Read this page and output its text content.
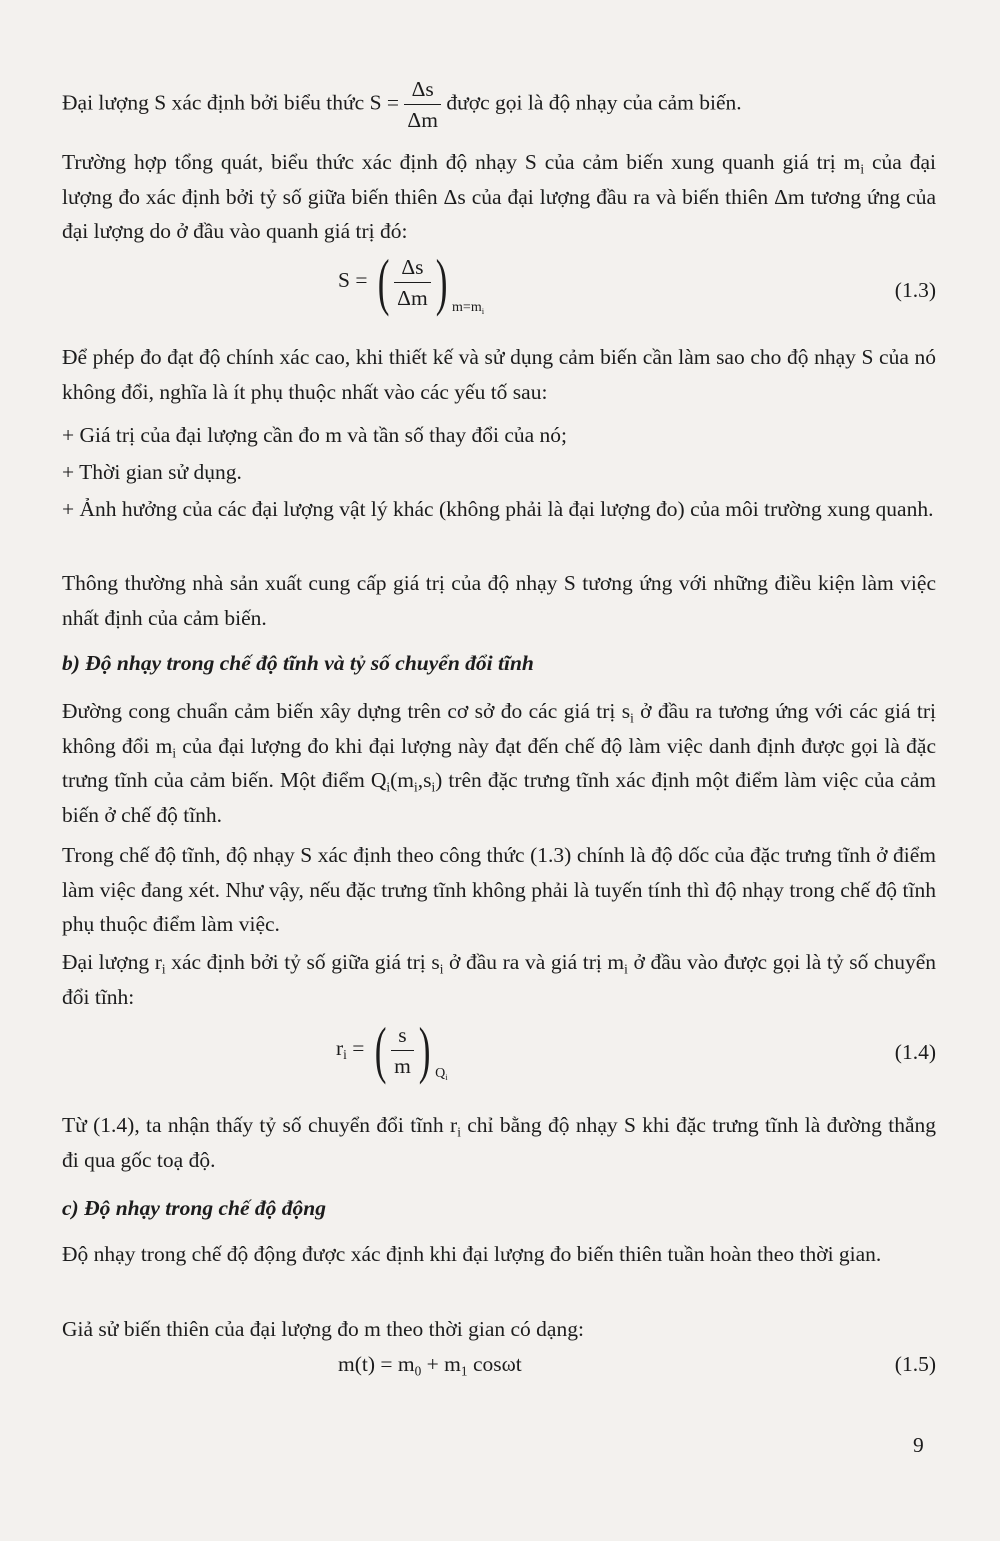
Đại lượng S xác định bởi biểu thức $S = \frac{\Delta s}{\Delta m}$ được gọi là độ nhạy của cảm biến.

Trường hợp tổng quát, biểu thức xác định độ nhạy S của cảm biến xung quanh giá trị $m_i$ của đại lượng đo xác định bởi tỷ số giữa biến thiên Δs của đại lượng đầu ra và biến thiên Δm tương ứng của đại lượng do ở đầu vào quanh giá trị đó:

S = ( $\frac{\Delta s}{\Delta m}$ ) $_{m=m_i}$
(1.3)

Để phép đo đạt độ chính xác cao, khi thiết kế và sử dụng cảm biến cần làm sao cho độ nhạy S của nó không đổi, nghĩa là ít phụ thuộc nhất vào các yếu tố sau:

+ Giá trị của đại lượng cần đo m và tần số thay đổi của nó;

+ Thời gian sử dụng.

+ Ảnh hưởng của các đại lượng vật lý khác (không phải là đại lượng đo) của môi trường xung quanh.

Thông thường nhà sản xuất cung cấp giá trị của độ nhạy S tương ứng với những điều kiện làm việc nhất định của cảm biến.

b) Độ nhạy trong chế độ tĩnh và tỷ số chuyển đổi tĩnh

Đường cong chuẩn cảm biến xây dựng trên cơ sở đo các giá trị $s_i$ ở đầu ra tương ứng với các giá trị không đổi $m_i$ của đại lượng đo khi đại lượng này đạt đến chế độ làm việc danh định được gọi là đặc trưng tĩnh của cảm biến. Một điểm $Q_i(m_i,s_i)$ trên đặc trưng tĩnh xác định một điểm làm việc của cảm biến ở chế độ tĩnh.

Trong chế độ tĩnh, độ nhạy S xác định theo công thức (1.3) chính là độ dốc của đặc trưng tĩnh ở điểm làm việc đang xét. Như vậy, nếu đặc trưng tĩnh không phải là tuyến tính thì độ nhạy trong chế độ tĩnh phụ thuộc điểm làm việc.

Đại lượng $r_i$ xác định bởi tỷ số giữa giá trị $s_i$ ở đầu ra và giá trị $m_i$ ở đầu vào được gọi là tỷ số chuyển đổi tĩnh:

$r_i$ = ( $\frac{s}{m}$ ) $_{Q_i}$
(1.4)

Từ (1.4), ta nhận thấy tỷ số chuyển đổi tĩnh $r_i$ chỉ bằng độ nhạy S khi đặc trưng tĩnh là đường thẳng đi qua gốc toạ độ.

c) Độ nhạy trong chế độ động

Độ nhạy trong chế độ động được xác định khi đại lượng đo biến thiên tuần hoàn theo thời gian.

Giả sử biến thiên của đại lượng đo m theo thời gian có dạng:

$m(t) = m_0 + m_1$ cosωt	(1.5)
9
